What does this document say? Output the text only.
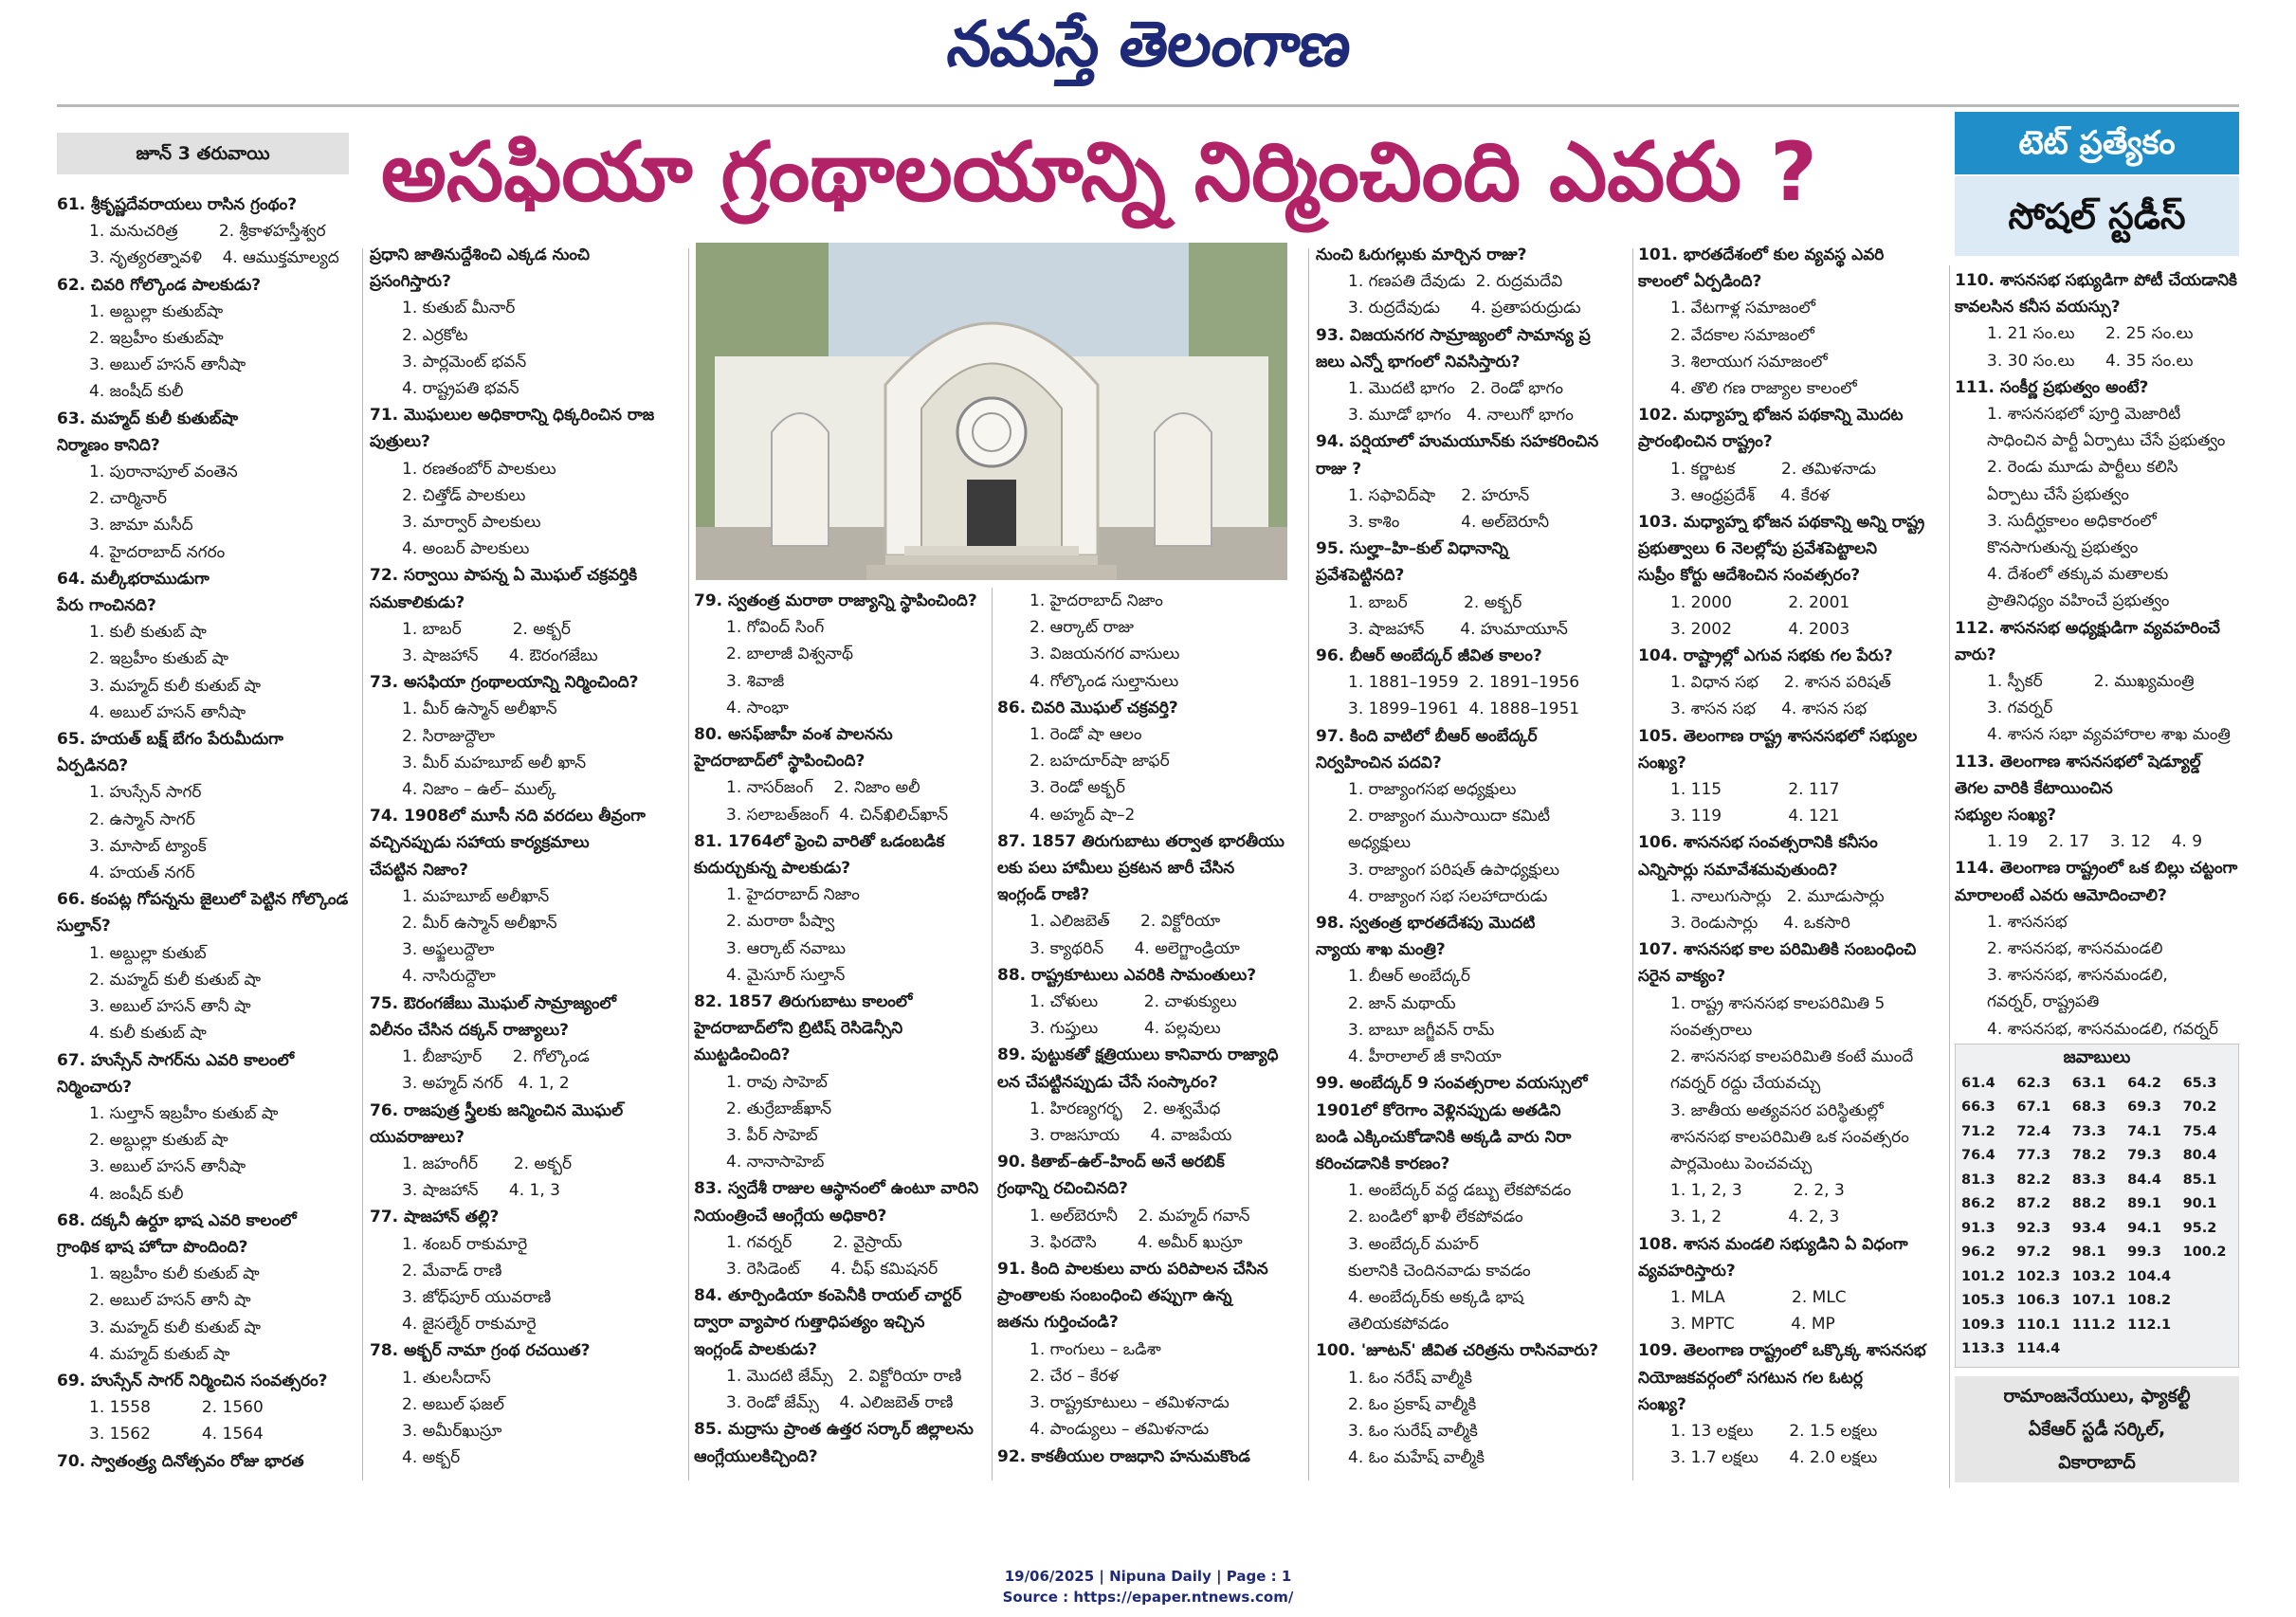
నమస్తే తెలంగాణ
జూన్ 3 తరువాయి	అసఫియా గ్రంథాలయాన్ని నిర్మించింది ఎవరు ?	టెట్ ప్రత్యేకం
సోషల్ స్టడీస్
61. శ్రీకృష్ణదేవరాయలు రాసిన గ్రంథం?
1. మనుచరిత్ర        2. శ్రీకాళహస్తీశ్వర
3. నృత్యరత్నావళి    4. ఆముక్తమాల్యద
62. చివరి గోల్కొండ పాలకుడు?
1. అబ్దుల్లా కుతుబ్‌షా
2. ఇబ్రహీం కుతుబ్‌షా
3. అబుల్ హసన్ తానీషా
4. జంషీద్ కులీ
63. మహ్మద్ కులీ కుతుబ్‌షా
నిర్మాణం కానిది?
1. పురానాపూల్ వంతెన
2. చార్మినార్
3. జామా మసీద్
4. హైదరాబాద్ నగరం
64. మల్కీభరాముడుగా
పేరు గాంచినది?
1. కులీ కుతుబ్ షా
2. ఇబ్రహీం కుతుబ్ షా
3. మహ్మద్ కులీ కుతుబ్ షా
4. అబుల్ హసన్ తానీషా
65. హయత్ బక్ష్ బేగం పేరుమీదుగా
ఏర్పడినది?
1. హుస్సేన్ సాగర్
2. ఉస్మాన్ సాగర్
3. మాసాబ్ ట్యాంక్
4. హయత్ నగర్
66. కంపట్ల గోపన్నను జైలులో పెట్టిన గోల్కొండ
సుల్తాన్?
1. అబ్దుల్లా కుతుబ్
2. మహ్మద్ కులీ కుతుబ్ షా
3. అబుల్ హసన్ తానీ షా
4. కులీ కుతుబ్ షా
67. హుస్సేన్ సాగర్‌ను ఎవరి కాలంలో
నిర్మించారు?
1. సుల్తాన్ ఇబ్రహీం కుతుబ్ షా
2. అబ్దుల్లా కుతుబ్ షా
3. అబుల్ హసన్ తానీషా
4. జంషీద్ కులీ
68. దక్కనీ ఉర్దూ భాష ఎవరి కాలంలో
గ్రాంథిక భాష హోదా పొందింది?
1. ఇబ్రహీం కులీ కుతుబ్ షా
2. అబుల్ హసన్ తానీ షా
3. మహ్మద్ కులీ కుతుబ్ షా
4. మహ్మద్ కుతుబ్ షా
69. హుస్సేన్ సాగర్ నిర్మించిన సంవత్సరం?
1. 1558          2. 1560
3. 1562          4. 1564
70. స్వాతంత్ర్య దినోత్సవం రోజు భారత
ప్రధాని జాతినుద్దేశించి ఎక్కడ నుంచి
ప్రసంగిస్తారు?
1. కుతుబ్ మీనార్
2. ఎర్రకోట
3. పార్లమెంట్ భవన్
4. రాష్ట్రపతి భవన్
71. మొఘలుల అధికారాన్ని ధిక్కరించిన రాజ
పుత్రులు?
1. రణతంబోర్ పాలకులు
2. చిత్తోడ్ పాలకులు
3. మార్వార్ పాలకులు
4. అంబర్ పాలకులు
72. సర్వాయి పాపన్న ఏ మొఘల్ చక్రవర్తికి
సమకాలికుడు?
1. బాబర్          2. అక్బర్
3. షాజహాన్      4. ఔరంగజేబు
73. అసఫియా గ్రంథాలయాన్ని నిర్మించింది?
1. మీర్ ఉస్మాన్ అలీఖాన్
2. సిరాజుద్దౌలా
3. మీర్ మహబూబ్ అలీ ఖాన్
4. నిజాం – ఉల్– ముల్క్
74. 1908లో మూసీ నది వరదలు తీవ్రంగా
వచ్చినప్పుడు సహాయ కార్యక్రమాలు
చేపట్టిన నిజాం?
1. మహబూబ్ అలీఖాన్
2. మీర్ ఉస్మాన్ అలీఖాన్
3. అఫ్జలుద్దౌలా
4. నాసిరుద్దౌలా
75. ఔరంగజేబు మొఘల్ సామ్రాజ్యంలో
విలీనం చేసిన దక్కన్ రాజ్యాలు?
1. బీజాపూర్      2. గోల్కొండ
3. అహ్మద్ నగర్   4. 1, 2
76. రాజపుత్ర స్త్రీలకు జన్మించిన మొఘల్
యువరాజులు?
1. జహంగీర్       2. అక్బర్
3. షాజహాన్      4. 1, 3
77. షాజహాన్ తల్లి?
1. శంబర్ రాకుమారై
2. మేవాడ్ రాణి
3. జోధ్‌పూర్ యువరాణి
4. జైసల్మేర్ రాకుమారై
78. అక్బర్ నామా గ్రంథ రచయిత?
1. తులసీదాస్
2. అబుల్ ఫజల్
3. అమీర్‌ఖుస్రూ
4. అక్బర్
79. స్వతంత్ర మరాఠా రాజ్యాన్ని స్థాపించింది?
1. గోవింద్ సింగ్
2. బాలాజీ విశ్వనాథ్
3. శివాజీ
4. సాంభా
80. అసఫ్‌జాహీ వంశ పాలనను
హైదరాబాద్‌లో స్థాపించింది?
1. నాసర్‌జంగ్    2. నిజాం అలీ
3. సలాబత్‌జంగ్  4. చిన్‌ఖిలిచ్‌ఖాన్
81. 1764లో ఫ్రెంచి వారితో ఒడంబడిక
కుదుర్చుకున్న పాలకుడు?
1. హైదరాబాద్ నిజాం
2. మరాఠా పీష్వా
3. ఆర్కాట్ నవాబు
4. మైసూర్ సుల్తాన్
82. 1857 తిరుగుబాటు కాలంలో
హైదరాబాద్‌లోని బ్రిటిష్ రెసిడెన్సీని
ముట్టడించింది?
1. రావు సాహెబ్
2. తుర్రేబాజ్‌ఖాన్
3. పీర్ సాహెబ్
4. నానాసాహెబ్
83. స్వదేశీ రాజుల ఆస్థానంలో ఉంటూ వారిని
నియంత్రించే ఆంగ్లేయ అధికారి?
1. గవర్నర్        2. వైస్రాయ్
3. రెసిడెంట్      4. చీఫ్ కమిషనర్
84. తూర్పిండియా కంపెనీకి రాయల్ చార్టర్
ద్వారా వ్యాపార గుత్తాధిపత్యం ఇచ్చిన
ఇంగ్లండ్ పాలకుడు?
1. మొదటి జేమ్స్   2. విక్టోరియా రాణి
3. రెండో జేమ్స్    4. ఎలిజబెత్ రాణి
85. మద్రాసు ప్రాంత ఉత్తర సర్కార్ జిల్లాలను
ఆంగ్లేయులకిచ్చింది?
1. హైదరాబాద్ నిజాం
2. ఆర్కాట్ రాజు
3. విజయనగర వాసులు
4. గోల్కొండ సుల్తానులు
86. చివరి మొఘల్ చక్రవర్తి?
1. రెండో షా ఆలం
2. బహదూర్‌షా జాఫర్
3. రెండో అక్బర్
4. అహ్మద్ షా–2
87. 1857 తిరుగుబాటు తర్వాత భారతీయు
లకు పలు హామీలు ప్రకటన జారీ చేసిన
ఇంగ్లండ్ రాణి?
1. ఎలిజబెత్      2. విక్టోరియా
3. క్యాథరిన్      4. అలెగ్జాండ్రియా
88. రాష్ట్రకూటులు ఎవరికి సామంతులు?
1. చోళులు         2. చాళుక్యులు
3. గుప్తులు         4. పల్లవులు
89. పుట్టుకతో క్షత్రియులు కానివారు రాజ్యాధి
లన చేపట్టినప్పుడు చేసే సంస్కారం?
1. హిరణ్యగర్భ    2. అశ్వమేధ
3. రాజసూయ      4. వాజపేయ
90. కితాబ్–ఉల్–హింద్ అనే అరబిక్
గ్రంథాన్ని రచించినది?
1. అల్‌బెరూనీ    2. మహ్మద్ గవాన్
3. ఫిరదౌసి        4. అమీర్ ఖుస్రూ
91. కింది పాలకులు వారు పరిపాలన చేసిన
ప్రాంతాలకు సంబంధించి తప్పుగా ఉన్న
జతను గుర్తించండి?
1. గాంగులు – ఒడిశా
2. చేర – కేరళ
3. రాష్ట్రకూటులు – తమిళనాడు
4. పాండ్యులు – తమిళనాడు
92. కాకతీయుల రాజధాని హనుమకొండ
నుంచి ఓరుగల్లుకు మార్చిన రాజు?
1. గణపతి దేవుడు  2. రుద్రమదేవి
3. రుద్రదేవుడు      4. ప్రతాపరుద్రుడు
93. విజయనగర సామ్రాజ్యంలో సామాన్య ప్ర
జలు ఎన్నో భాగంలో నివసిస్తారు?
1. మొదటి భాగం   2. రెండో భాగం
3. మూడో భాగం   4. నాలుగో భాగం
94. పర్షియాలో హుమయూన్‌కు సహకరించిన
రాజు ?
1. సఫావిద్‌షా     2. హరూన్
3. కాశిం            4. అల్‌బెరూనీ
95. సుల్హా–హి–కుల్ విధానాన్ని
ప్రవేశపెట్టినది?
1. బాబర్           2. అక్బర్
3. షాజహాన్       4. హుమాయూన్
96. బీఆర్ అంబేద్కర్ జీవిత కాలం?
1. 1881–1959  2. 1891–1956
3. 1899–1961  4. 1888–1951
97. కింది వాటిలో బీఆర్ అంబేద్కర్
నిర్వహించిన పదవి?
1. రాజ్యాంగసభ అధ్యక్షులు
2. రాజ్యాంగ ముసాయిదా కమిటీ
అధ్యక్షులు
3. రాజ్యాంగ పరిషత్ ఉపాధ్యక్షులు
4. రాజ్యాంగ సభ సలహాదారుడు
98. స్వతంత్ర భారతదేశపు మొదటి
న్యాయ శాఖ మంత్రి?
1. బీఆర్ అంబేద్కర్
2. జాన్ మథాయ్
3. బాబూ జగ్జీవన్ రామ్
4. హీరాలాల్ జీ కానియా
99. అంబేద్కర్ 9 సంవత్సరాల వయస్సులో
1901లో కోరెగాం వెళ్లినప్పుడు అతడిని
బండి ఎక్కించుకోడానికి అక్కడి వారు నిరా
కరించడానికి కారణం?
1. అంబేద్కర్ వద్ద డబ్బు లేకపోవడం
2. బండిలో ఖాళీ లేకపోవడం
3. అంబేద్కర్ మహర్
కులానికి చెందినవాడు కావడం
4. అంబేద్కర్‌కు అక్కడి భాష
తెలియకపోవడం
100. 'జూటన్' జీవిత చరిత్రను రాసినవారు?
1. ఓం నరేష్ వాల్మీకి
2. ఓం ప్రకాష్ వాల్మీకి
3. ఓం సురేష్ వాల్మీకి
4. ఓం మహేష్ వాల్మీకి
101. భారతదేశంలో కుల వ్యవస్థ ఎవరి
కాలంలో ఏర్పడింది?
1. వేటగాళ్ల సమాజంలో
2. వేదకాల సమాజంలో
3. శిలాయుగ సమాజంలో
4. తొలి గణ రాజ్యాల కాలంలో
102. మధ్యాహ్న భోజన పథకాన్ని మొదట
ప్రారంభించిన రాష్ట్రం?
1. కర్ణాటక         2. తమిళనాడు
3. ఆంధ్రప్రదేశ్     4. కేరళ
103. మధ్యాహ్న భోజన పథకాన్ని అన్ని రాష్ట్ర
ప్రభుత్వాలు 6 నెలల్లోపు ప్రవేశపెట్టాలని
సుప్రీం కోర్టు ఆదేశించిన సంవత్సరం?
1. 2000           2. 2001
3. 2002           4. 2003
104. రాష్ట్రాల్లో ఎగువ సభకు గల పేరు?
1. విధాన సభ     2. శాసన పరిషత్
3. శాసన సభ     4. శాసన సభ
105. తెలంగాణ రాష్ట్ర శాసనసభలో సభ్యుల
సంఖ్య?
1. 115             2. 117
3. 119             4. 121
106. శాసనసభ సంవత్సరానికి కనీసం
ఎన్నిసార్లు సమావేశమవుతుంది?
1. నాలుగుసార్లు   2. మూడుసార్లు
3. రెండుసార్లు     4. ఒకసారి
107. శాసనసభ కాల పరిమితికి సంబంధించి
సరైన వాక్యం?
1. రాష్ట్ర శాసనసభ కాలపరిమితి 5
సంవత్సరాలు
2. శాసనసభ కాలపరిమితి కంటే ముందే
గవర్నర్ రద్దు చేయవచ్చు
3. జాతీయ అత్యవసర పరిస్థితుల్లో
శాసనసభ కాలపరిమితి ఒక సంవత్సరం
పార్లమెంటు పెంచవచ్చు
1. 1, 2, 3          2. 2, 3
3. 1, 2             4. 2, 3
108. శాసన మండలి సభ్యుడిని ఏ విధంగా
వ్యవహరిస్తారు?
1. MLA             2. MLC
3. MPTC           4. MP
109. తెలంగాణ రాష్ట్రంలో ఒక్కొక్క శాసనసభ
నియోజకవర్గంలో సగటున గల ఓటర్ల
సంఖ్య?
1. 13 లక్షలు       2. 1.5 లక్షలు
3. 1.7 లక్షలు      4. 2.0 లక్షలు
110. శాసనసభ సభ్యుడిగా పోటీ చేయడానికి
కావలసిన కనీస వయస్సు?
1. 21 సం.లు      2. 25 సం.లు
3. 30 సం.లు      4. 35 సం.లు
111. సంకీర్ణ ప్రభుత్వం అంటే?
1. శాసనసభలో పూర్తి మెజారిటీ
సాధించిన పార్టీ ఏర్పాటు చేసే ప్రభుత్వం
2. రెండు మూడు పార్టీలు కలిసి
ఏర్పాటు చేసే ప్రభుత్వం
3. సుదీర్ఘకాలం అధికారంలో
కొనసాగుతున్న ప్రభుత్వం
4. దేశంలో తక్కువ మతాలకు
ప్రాతినిధ్యం వహించే ప్రభుత్వం
112. శాసనసభ అధ్యక్షుడిగా వ్యవహరించే
వారు?
1. స్పీకర్          2. ముఖ్యమంత్రి
3. గవర్నర్
4. శాసన సభా వ్యవహారాల శాఖ మంత్రి
113. తెలంగాణ శాసనసభలో షెడ్యూల్డ్
తెగల వారికి కేటాయించిన
సభ్యుల సంఖ్య?
1. 19    2. 17    3. 12    4. 9
114. తెలంగాణ రాష్ట్రంలో ఒక బిల్లు చట్టంగా
మారాలంటే ఎవరు ఆమోదించాలి?
1. శాసనసభ
2. శాసనసభ, శాసనమండలి
3. శాసనసభ, శాసనమండలి,
గవర్నర్, రాష్ట్రపతి
4. శాసనసభ, శాసనమండలి, గవర్నర్
జవాబులు
61.4	62.3	63.1	64.2	65.3
66.3	67.1	68.3	69.3	70.2
71.2	72.4	73.3	74.1	75.4
76.4	77.3	78.2	79.3	80.4
81.3	82.2	83.3	84.4	85.1
86.2	87.2	88.2	89.1	90.1
91.3	92.3	93.4	94.1	95.2
96.2	97.2	98.1	99.3	100.2
101.2	102.3	103.2	104.4	
105.3	106.3	107.1	108.2	
109.3	110.1	111.2	112.1	
113.3	114.4			
రామాంజనేయులు, ఫ్యాకల్టీ
ఏకేఆర్ స్టడీ సర్కిల్,
వికారాబాద్
19/06/2025 | Nipuna Daily | Page : 1
Source : https://epaper.ntnews.com/
